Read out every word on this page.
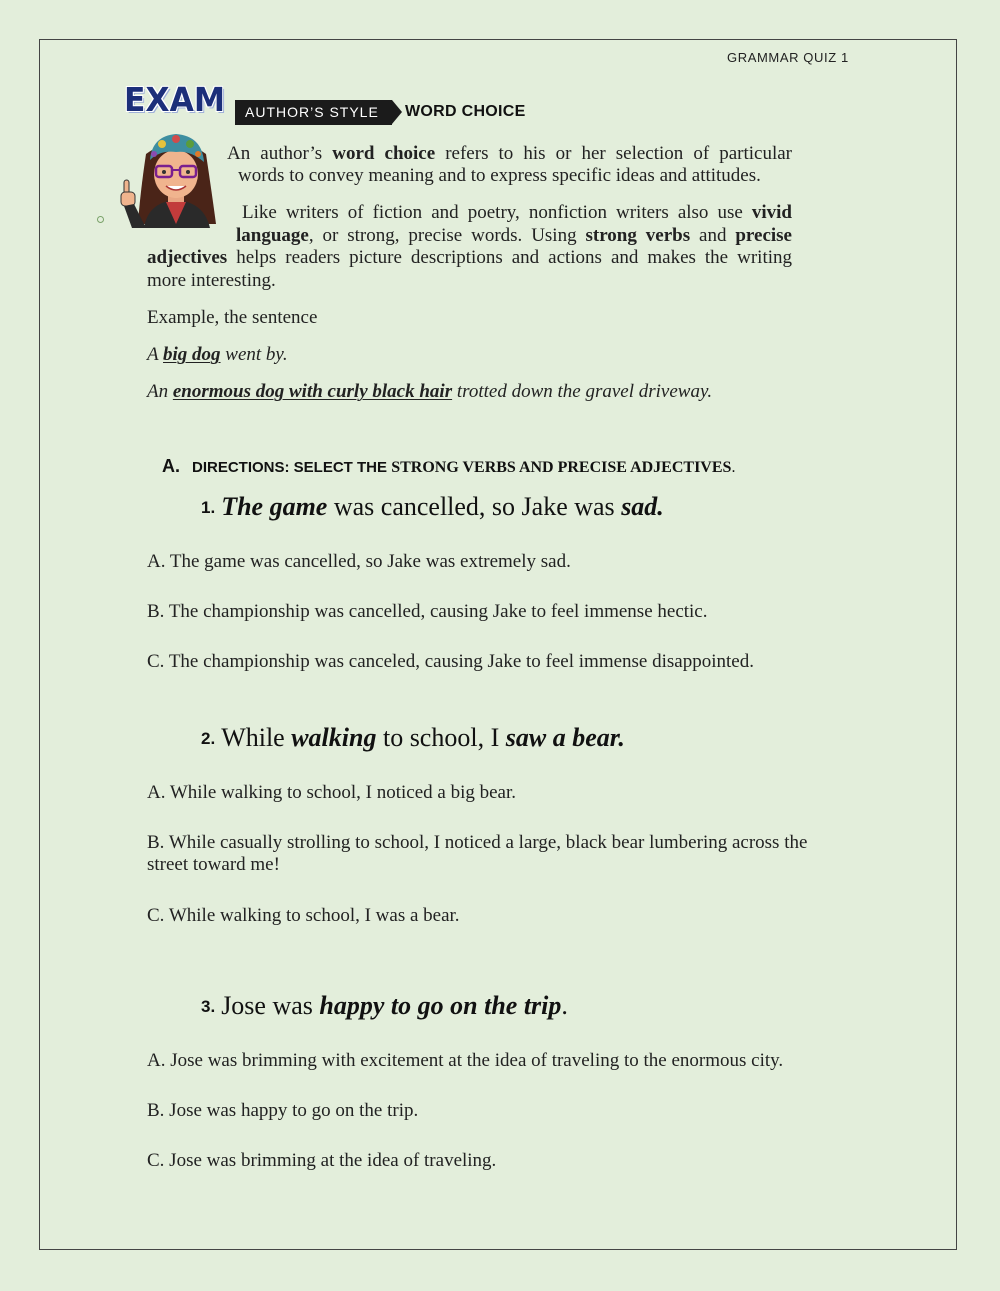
GRAMMAR QUIZ 1
EXAM	AUTHOR’S STYLE	WORD CHOICE
An author’s word choice refers to his or her selection of particular
words to convey meaning and to express specific ideas and attitudes.
Like writers of fiction and poetry, nonfiction writers also use vivid
language, or strong, precise words. Using strong verbs and precise
adjectives helps readers picture descriptions and actions and makes the writing
more interesting.
Example, the sentence
A big dog went by.
An enormous dog with curly black hair trotted down the gravel driveway.
A. DIRECTIONS: SELECT THE STRONG VERBS AND PRECISE ADJECTIVES.
1. The game was cancelled, so Jake was sad.
A. The game was cancelled, so Jake was extremely sad.
B. The championship was cancelled, causing Jake to feel immense hectic.
C. The championship was canceled, causing Jake to feel immense disappointed.
2. While walking to school, I saw a bear.
A. While walking to school, I noticed a big bear.
B. While casually strolling to school, I noticed a large, black bear lumbering across the
street toward me!
C. While walking to school, I was a bear.
3. Jose was happy to go on the trip.
A. Jose was brimming with excitement at the idea of traveling to the enormous city.
B. Jose was happy to go on the trip.
C. Jose was brimming at the idea of traveling.
